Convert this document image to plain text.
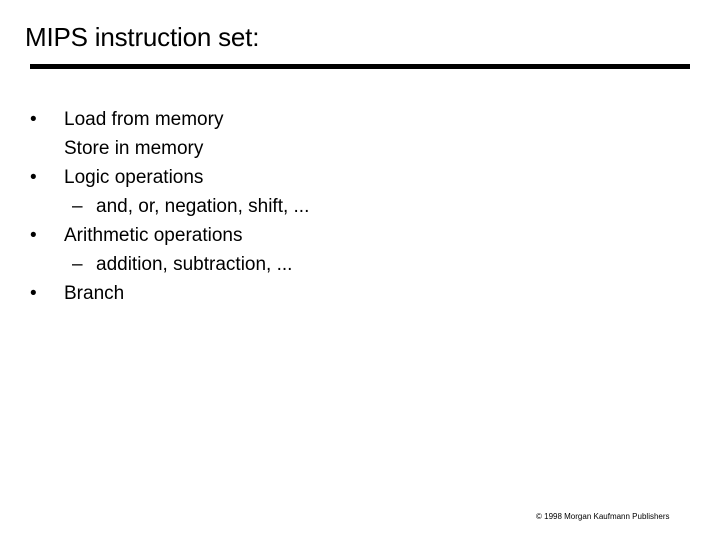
MIPS instruction set:
• Load from memory
Store in memory
• Logic operations
– and, or, negation, shift, ...
• Arithmetic operations
– addition, subtraction, ...
• Branch
© 1998 Morgan Kaufmann Publishers
